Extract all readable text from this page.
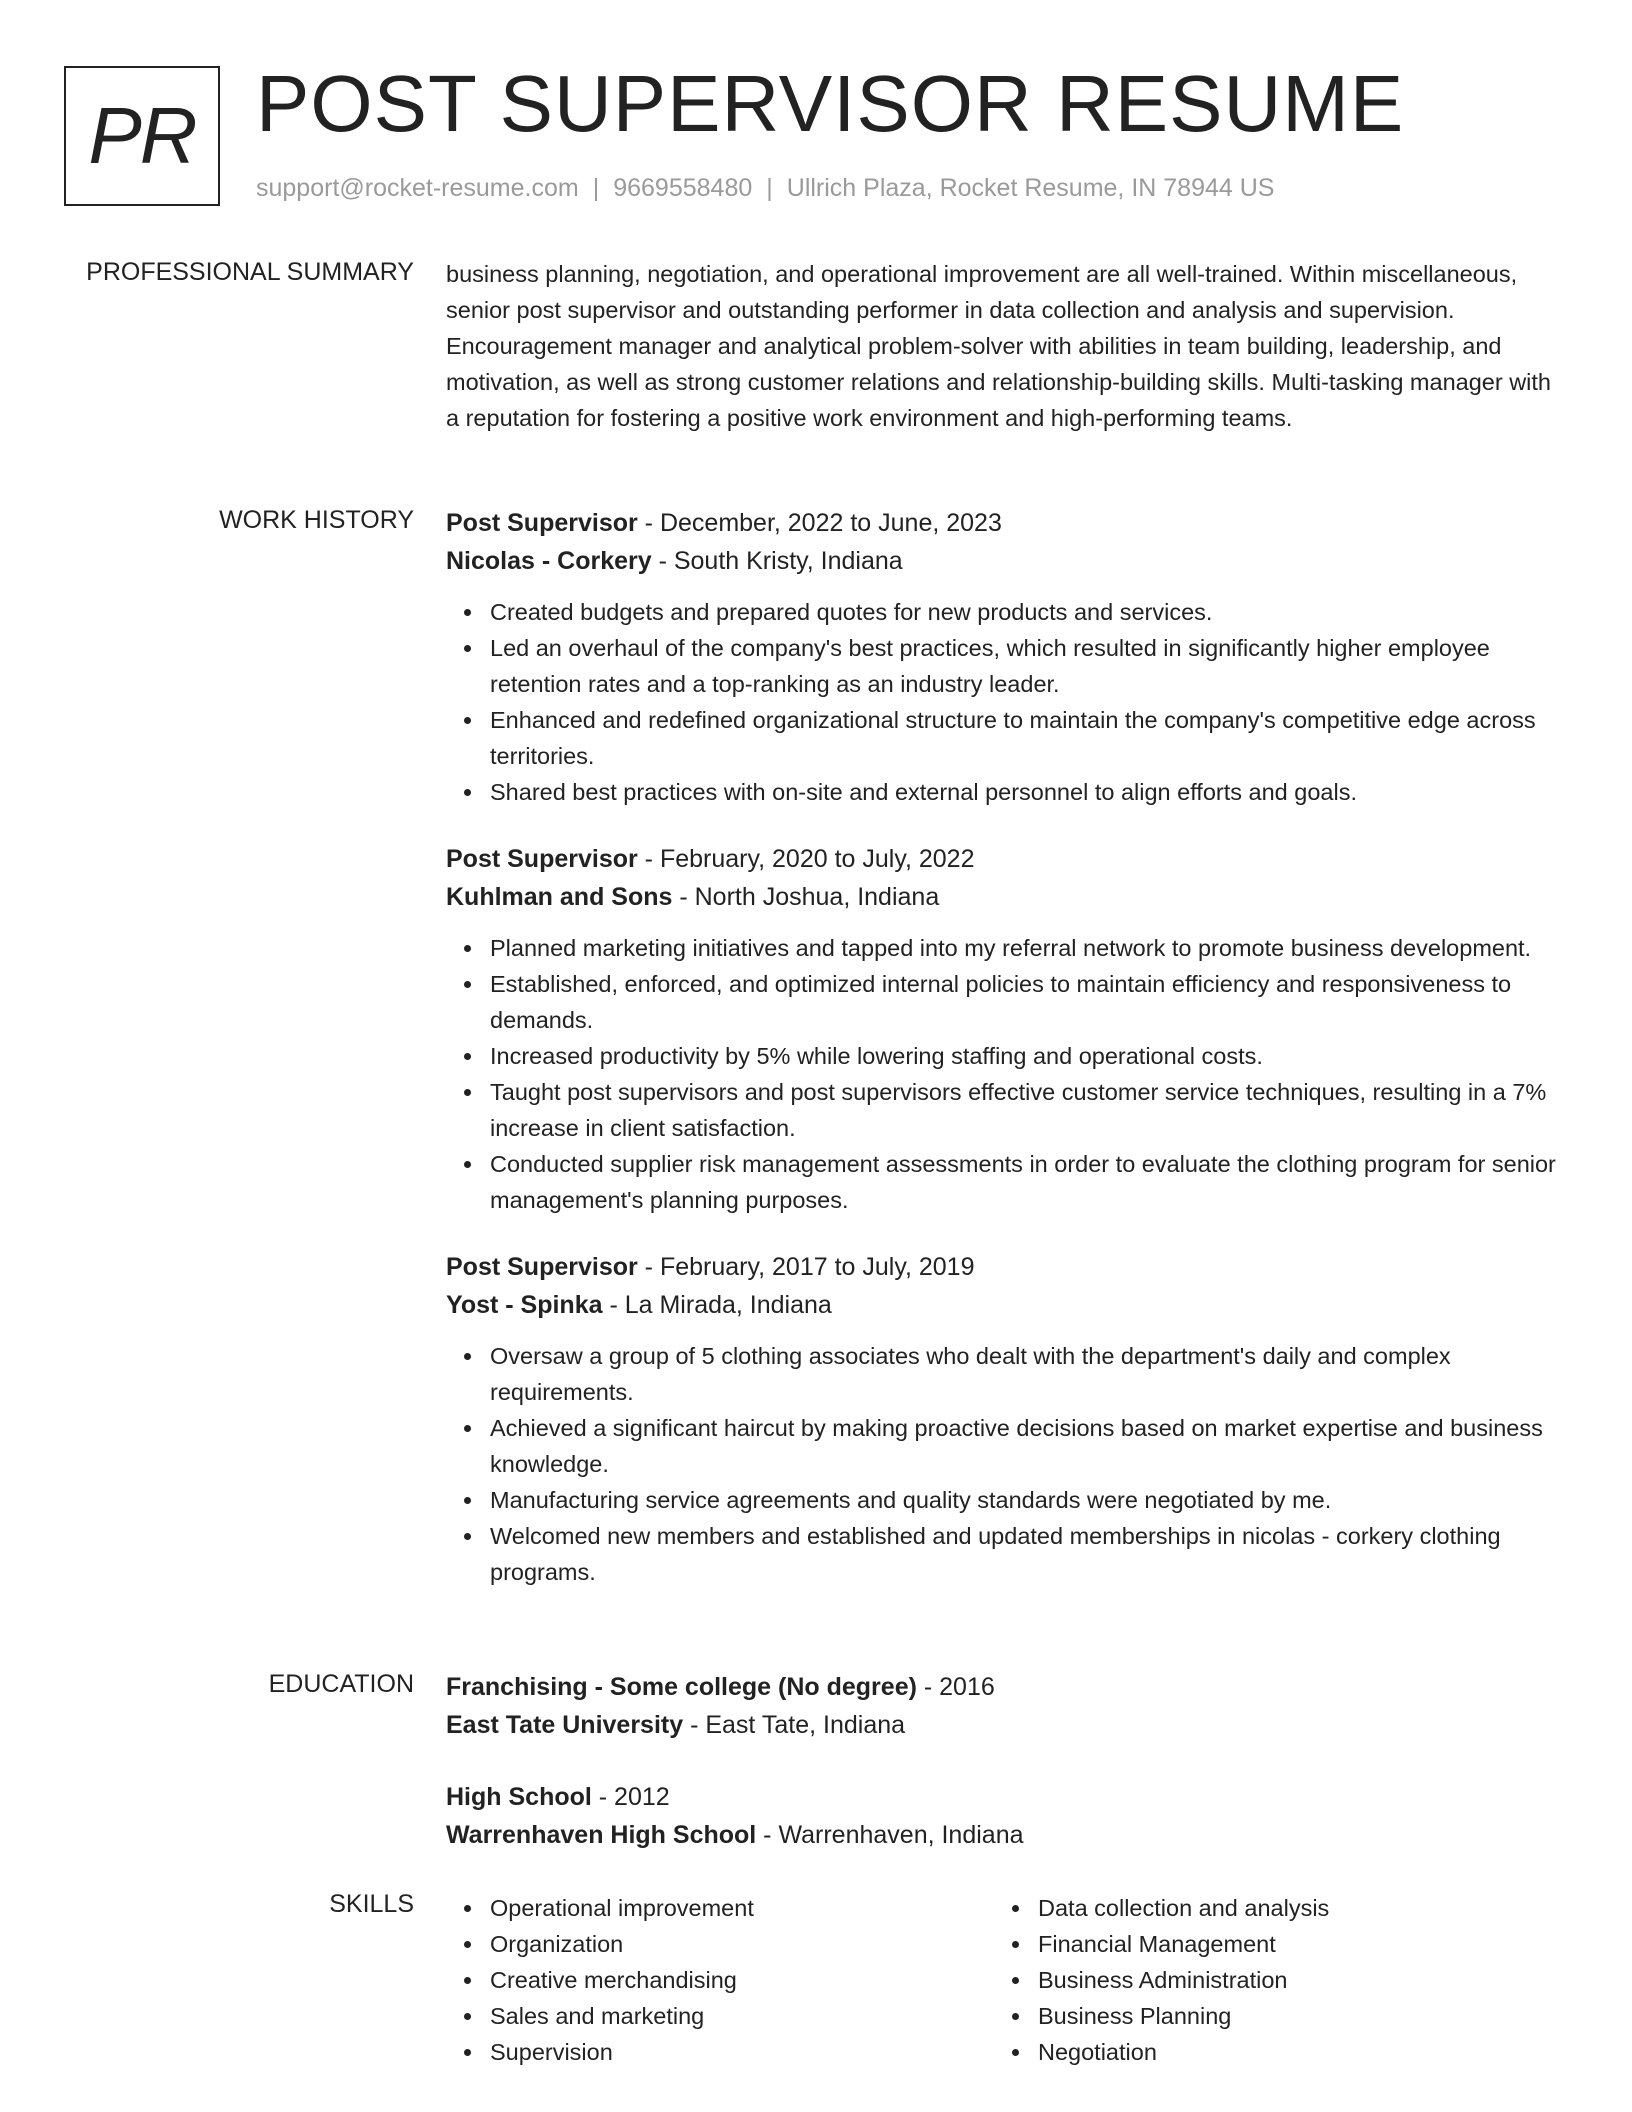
PR POST SUPERVISOR RESUME
support@rocket-resume.com | 9669558480 | Ullrich Plaza, Rocket Resume, IN 78944 US
PROFESSIONAL SUMMARY business planning, negotiation, and operational improvement are all well-trained. Within miscellaneous, senior post supervisor and outstanding performer in data collection and analysis and supervision. Encouragement manager and analytical problem-solver with abilities in team building, leadership, and motivation, as well as strong customer relations and relationship-building skills. Multi-tasking manager with a reputation for fostering a positive work environment and high-performing teams.

WORK HISTORY Post Supervisor - December, 2022 to June, 2023
Nicolas - Corkery - South Kristy, Indiana
Created budgets and prepared quotes for new products and services.
Led an overhaul of the company's best practices, which resulted in significantly higher employee retention rates and a top-ranking as an industry leader.
Enhanced and redefined organizational structure to maintain the company's competitive edge across territories.
Shared best practices with on-site and external personnel to align efforts and goals.
Post Supervisor - February, 2020 to July, 2022
Kuhlman and Sons - North Joshua, Indiana
Planned marketing initiatives and tapped into my referral network to promote business development.
Established, enforced, and optimized internal policies to maintain efficiency and responsiveness to demands.
Increased productivity by 5% while lowering staffing and operational costs.
Taught post supervisors and post supervisors effective customer service techniques, resulting in a 7% increase in client satisfaction.
Conducted supplier risk management assessments in order to evaluate the clothing program for senior management's planning purposes.
Post Supervisor - February, 2017 to July, 2019
Yost - Spinka - La Mirada, Indiana
Oversaw a group of 5 clothing associates who dealt with the department's daily and complex requirements.
Achieved a significant haircut by making proactive decisions based on market expertise and business knowledge.
Manufacturing service agreements and quality standards were negotiated by me.
Welcomed new members and established and updated memberships in nicolas - corkery clothing programs.
EDUCATION Franchising - Some college (No degree) - 2016
East Tate University - East Tate, Indiana
High School - 2012
Warrenhaven High School - Warrenhaven, Indiana
SKILLS	Operational improvement
Organization
Creative merchandising
Sales and marketing
Supervision
Data collection and analysis
Financial Management
Business Administration
Business Planning
Negotiation
